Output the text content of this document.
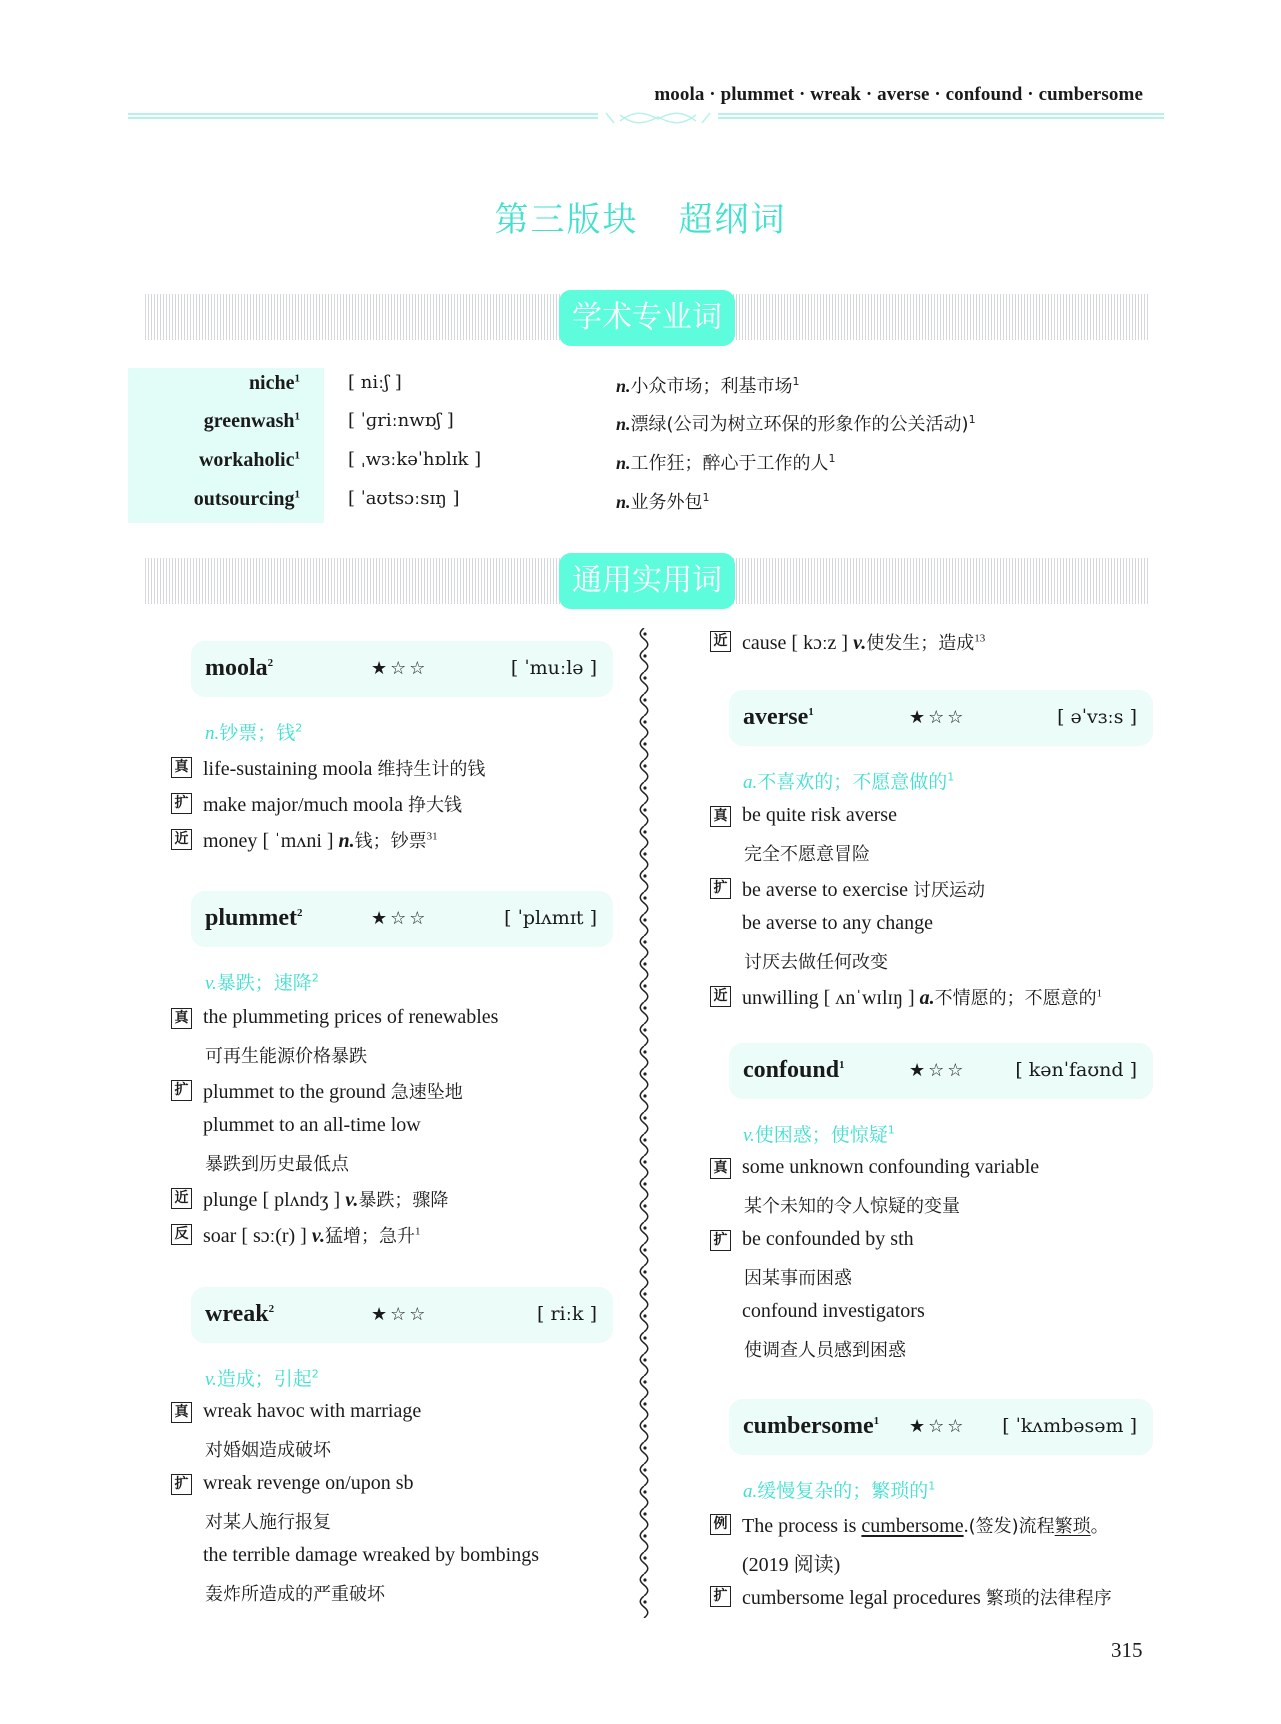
moola · plummet · wreak · averse · confound · cumbersome
第三版块 超纲词
学术专业词
niche$^1$	[ niːʃ ]	n.小众市场；利基市场$^1$
greenwash$^1$	[ ˈɡriːnwɒʃ ]	n.漂绿(公司为树立环保的形象作的公关活动)$^1$
workaholic$^1$	[ ˌwɜːkəˈhɒlɪk ]	n.工作狂；醉心于工作的人$^1$
outsourcing$^1$	[ ˈaʊtsɔːsɪŋ ]	n.业务外包$^1$
通用实用词
moola$^2$	★☆☆	[ ˈmuːlə ]
n.钞票；钱$^2$
真 life-sustaining moola 维持生计的钱
扩 make major/much moola 挣大钱
近 money [ ˈmʌni ] n.钱；钞票$^{31}$
plummet$^2$	★☆☆	[ ˈplʌmɪt ]
v.暴跌；速降$^2$
真 the plummeting prices of renewables
可再生能源价格暴跌
扩 plummet to the ground 急速坠地
plummet to an all-time low
暴跌到历史最低点
近 plunge [ plʌndʒ ] v.暴跌；骤降
反 soar [ sɔː(r) ] v.猛增；急升$^1$
wreak$^2$	★☆☆	[ riːk ]
v.造成；引起$^2$
真 wreak havoc with marriage
对婚姻造成破坏
扩 wreak revenge on/upon sb
对某人施行报复
the terrible damage wreaked by bombings
轰炸所造成的严重破坏
近 cause [ kɔːz ] v.使发生；造成$^{13}$
averse$^1$	★☆☆	[ əˈvɜːs ]
a.不喜欢的；不愿意做的$^1$
真 be quite risk averse
完全不愿意冒险
扩 be averse to exercise 讨厌运动
be averse to any change
讨厌去做任何改变
近 unwilling [ ʌnˈwɪlɪŋ ] a.不情愿的；不愿意的$^1$
confound$^1$	★☆☆	[ kənˈfaʊnd ]
v.使困惑；使惊疑$^1$
真 some unknown confounding variable
某个未知的令人惊疑的变量
扩 be confounded by sth
因某事而困惑
confound investigators
使调查人员感到困惑
cumbersome$^1$ ★☆☆ [ ˈkʌmbəsəm ]
a.缓慢复杂的；繁琐的$^1$
例 The process is cumbersome.(签发)流程繁琐。
(2019 阅读)
扩 cumbersome legal procedures 繁琐的法律程序
315
